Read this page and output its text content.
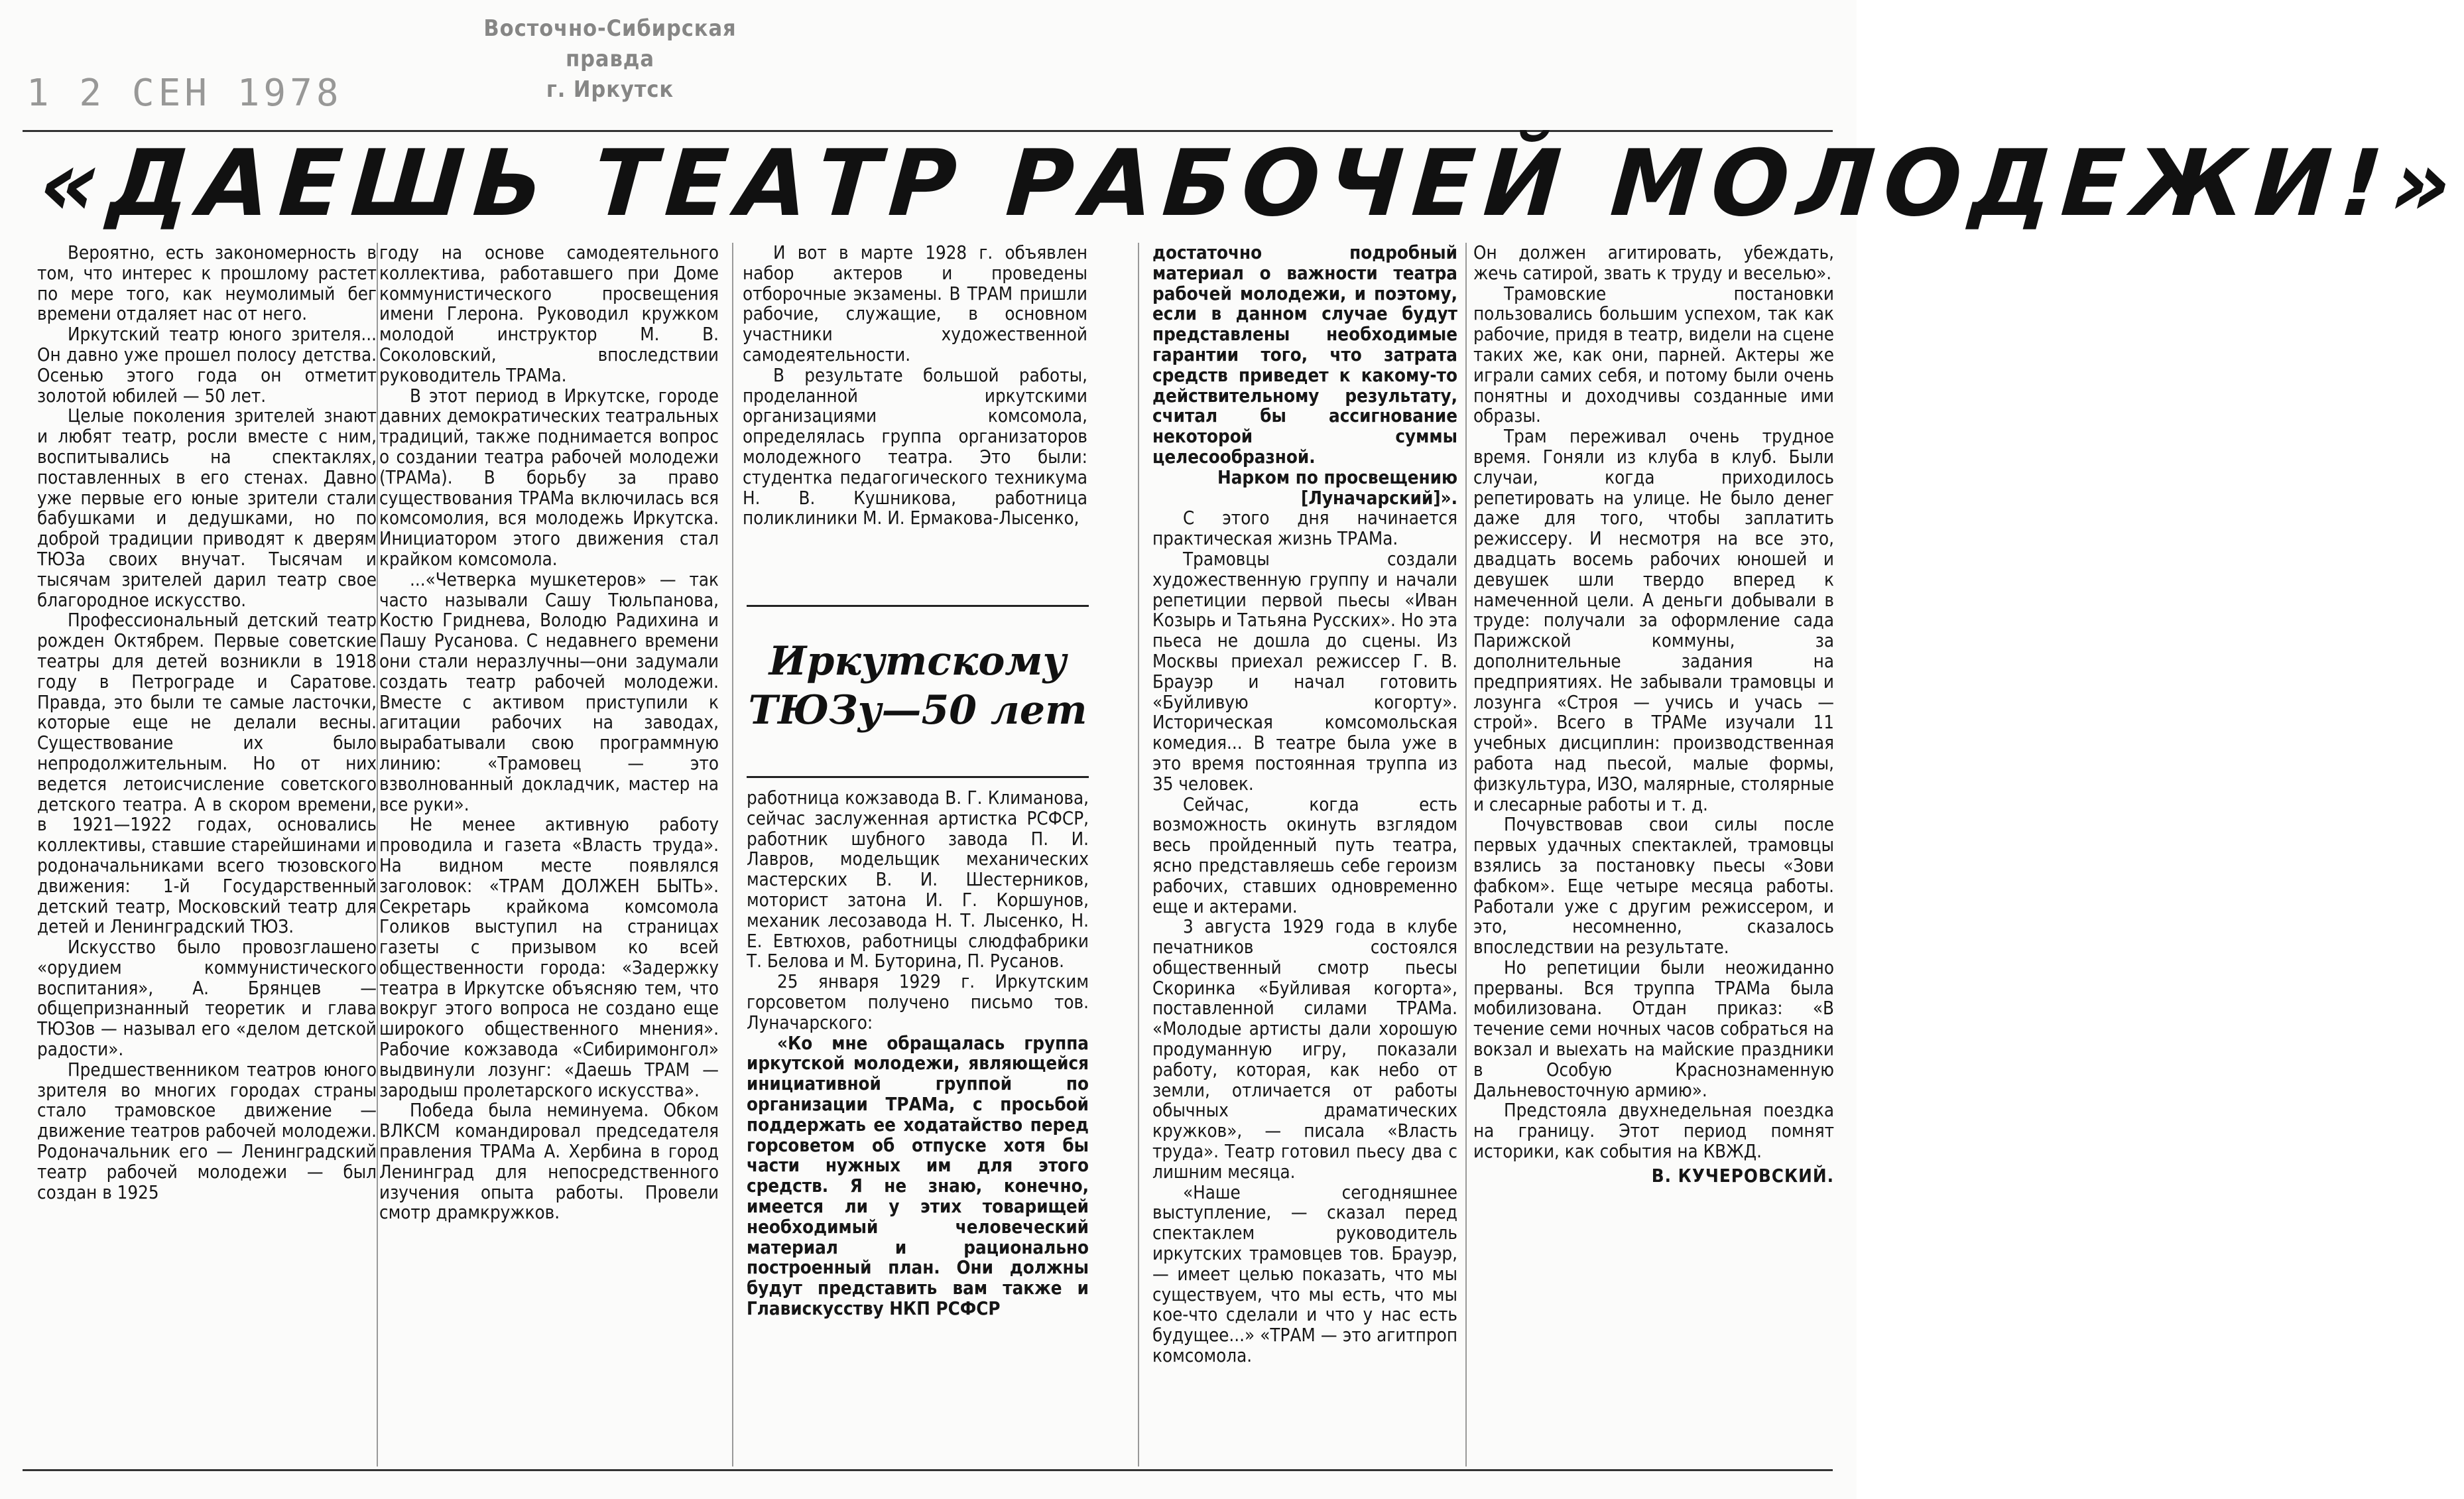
Восточно-Сибирская правда
г. Иркутск
1 2 СЕН 1978
«ДАЕШЬ ТЕАТР РАБОЧЕЙ МОЛОДЕЖИ!»

Вероятно, есть закономерность в том, что интерес к прошлому растет по мере того, как неумолимый бег времени отдаляет нас от него.

Иркутский театр юного зрителя... Он давно уже прошел полосу детства. Осенью этого года он отметит золотой юбилей — 50 лет.

Целые поколения зрителей знают и любят театр, росли вместе с ним, воспитывались на спектаклях, поставленных в его стенах. Давно уже первые его юные зрители стали бабушками и дедушками, но по доброй традиции приводят к дверям ТЮЗа своих внучат. Тысячам и тысячам зрителей дарил театр свое благородное искусство.

Профессиональный детский театр рожден Октябрем. Первые советские театры для детей возникли в 1918 году в Петрограде и Саратове. Правда, это были те самые ласточки, которые еще не делали весны. Существование их было непродолжительным. Но от них ведется летоисчисление советского детского театра. А в скором времени, в 1921—1922 годах, основались коллективы, ставшие старейшинами и родоначальниками всего тюзовского движения: 1-й Государственный детский театр, Московский театр для детей и Ленинградский ТЮЗ.

Искусство было провозглашено «орудием коммунистического воспитания», А. Брянцев — общепризнанный теоретик и глава ТЮЗов — называл его «делом детской радости».

Предшественником театров юного зрителя во многих городах страны стало трамовское движение — движение театров рабочей молодежи. Родоначальник его — Ленинградский театр рабочей молодежи — был создан в 1925

году на основе самодеятельного коллектива, работавшего при Доме коммунистического просвещения имени Глерона. Руководил кружком молодой инструктор М. В. Соколовский, впоследствии руководитель ТРАМа.

В этот период в Иркутске, городе давних демократических театральных традиций, также поднимается вопрос о создании театра рабочей молодежи (ТРАМа). В борьбу за право существования ТРАМа включилась вся комсомолия, вся молодежь Иркутска. Инициатором этого движения стал крайком комсомола.

...«Четверка мушкетеров» — так часто называли Сашу Тюльпанова, Костю Гриднева, Володю Радихина и Пашу Русанова. С недавнего времени они стали неразлучны—они задумали создать театр рабочей молодежи. Вместе с активом приступили к агитации рабочих на заводах, вырабатывали свою программную линию: «Трамовец — это взволнованный докладчик, мастер на все руки».

Не менее активную работу проводила и газета «Власть труда». На видном месте появлялся заголовок: «ТРАМ ДОЛЖЕН БЫТЬ». Секретарь крайкома комсомола Голиков выступил на страницах газеты с призывом ко всей общественности города: «Задержку театра в Иркутске объясняю тем, что вокруг этого вопроса не создано еще широкого общественного мнения». Рабочие кожзавода «Сибиримонгол» выдвинули лозунг: «Даешь ТРАМ — зародыш пролетарского искусства».

Победа была неминуема. Обком ВЛКСМ командировал председателя правления ТРАМа А. Хербина в город Ленинград для непосредственного изучения опыта работы. Провели смотр драмкружков.

И вот в марте 1928 г. объявлен набор актеров и проведены отборочные экзамены. В ТРАМ пришли рабочие, служащие, в основном участники художественной самодеятельности.

В результате большой работы, проделанной иркутскими организациями комсомола, определялась группа организаторов молодежного театра. Это были: студентка педагогического техникума Н. В. Кушникова, работница поликлиники М. И. Ермакова-Лысенко,

Иркутскому
ТЮЗу—50 лет

работница кожзавода В. Г. Климанова, сейчас заслуженная артистка РСФСР, работник шубного завода П. И. Лавров, модельщик механических мастерских В. И. Шестерников, моторист затона И. Г. Коршунов, механик лесозавода Н. Т. Лысенко, Н. Е. Евтюхов, работницы слюдфабрики Т. Белова и М. Буторина, П. Русанов.

25 января 1929 г. Иркутским горсоветом получено письмо тов. Луначарского:

«Ко мне обращалась группа иркутской молодежи, являющейся инициативной группой по организации ТРАМа, с просьбой поддержать ее ходатайство перед горсоветом об отпуске хотя бы части нужных им для этого средств. Я не знаю, конечно, имеется ли у этих товарищей необходимый человеческий материал и рационально построенный план. Они должны будут представить вам также и Главискусству НКП РСФСР

достаточно подробный материал о важности театра рабочей молодежи, и поэтому, если в данном случае будут представлены необходимые гарантии того, что затрата средств приведет к какому-то действительному результату, считал бы ассигнование некоторой суммы целесообразной.

Нарком по просвещению [Луначарский]».

С этого дня начинается практическая жизнь ТРАМа.

Трамовцы создали художественную группу и начали репетиции первой пьесы «Иван Козырь и Татьяна Русских». Но эта пьеса не дошла до сцены. Из Москвы приехал режиссер Г. В. Брауэр и начал готовить «Буйливую когорту». Историческая комсомольская комедия... В театре была уже в это время постоянная труппа из 35 человек.

Сейчас, когда есть возможность окинуть взглядом весь пройденный путь театра, ясно представляешь себе героизм рабочих, ставших одновременно еще и актерами.

3 августа 1929 года в клубе печатников состоялся общественный смотр пьесы Скоринка «Буйливая когорта», поставленной силами ТРАМа. «Молодые артисты дали хорошую продуманную игру, показали работу, которая, как небо от земли, отличается от работы обычных драматических кружков», — писала «Власть труда». Театр готовил пьесу два с лишним месяца.

«Наше сегодняшнее выступление, — сказал перед спектаклем руководитель иркутских трамовцев тов. Брауэр, — имеет целью показать, что мы существуем, что мы есть, что мы кое-что сделали и что у нас есть будущее...» «ТРАМ — это агитпроп комсомола.

Он должен агитировать, убеждать, жечь сатирой, звать к труду и веселью».

Трамовские постановки пользовались большим успехом, так как рабочие, придя в театр, видели на сцене таких же, как они, парней. Актеры же играли самих себя, и потому были очень понятны и доходчивы созданные ими образы.

Трам переживал очень трудное время. Гоняли из клуба в клуб. Были случаи, когда приходилось репетировать на улице. Не было денег даже для того, чтобы заплатить режиссеру. И несмотря на все это, двадцать восемь рабочих юношей и девушек шли твердо вперед к намеченной цели. А деньги добывали в труде: получали за оформление сада Парижской коммуны, за дополнительные задания на предприятиях. Не забывали трамовцы и лозунга «Строя — учись и учась — строй». Всего в ТРАМе изучали 11 учебных дисциплин: производственная работа над пьесой, малые формы, физкультура, ИЗО, малярные, столярные и слесарные работы и т. д.

Почувствовав свои силы после первых удачных спектаклей, трамовцы взялись за постановку пьесы «Зови фабком». Еще четыре месяца работы. Работали уже с другим режиссером, и это, несомненно, сказалось впоследствии на результате.

Но репетиции были неожиданно прерваны. Вся труппа ТРАМа была мобилизована. Отдан приказ: «В течение семи ночных часов собраться на вокзал и выехать на майские праздники в Особую Краснознаменную Дальневосточную армию».

Предстояла двухнедельная поездка на границу. Этот период помнят историки, как события на КВЖД.

В. КУЧЕРОВСКИЙ.
